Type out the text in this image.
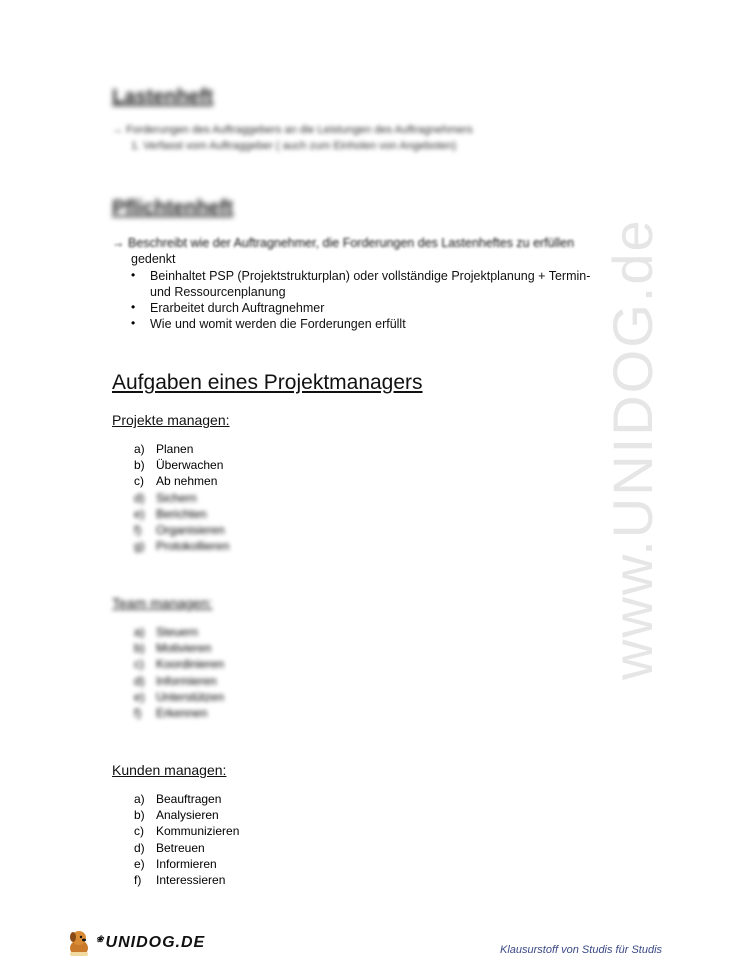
Lastenheft
→ Forderungen des Auftraggebers an die Leistungen des Auftragnehmers
1. Verfasst vom Auftraggeber ( auch zum Einholen von Angeboten)
Pflichtenheft
→ Beschreibt wie der Auftragnehmer, die Forderungen des Lastenheftes zu erfüllen
gedenkt
• Beinhaltet PSP (Projektstrukturplan) oder vollständige Projektplanung + Termin-
und Ressourcenplanung
• Erarbeitet durch Auftragnehmer
• Wie und womit werden die Forderungen erfüllt
Aufgaben eines Projektmanagers
Projekte managen:
a) Planen
b) Überwachen
c) Ab nehmen
d) Sichern
e) Berichten
f) Organisieren
g) Protokollieren
Team managen:
a) Steuern
b) Motivieren
c) Koordinieren
d) Informieren
e) Unterstützen
f) Erkennen
Kunden managen:
a) Beauftragen
b) Analysieren
c) Kommunizieren
d) Betreuen
e) Informieren
f) Interessieren
www.UNIDOG.de
❀UNIDOG.DE	Klausurstoff von Studis für Studis
